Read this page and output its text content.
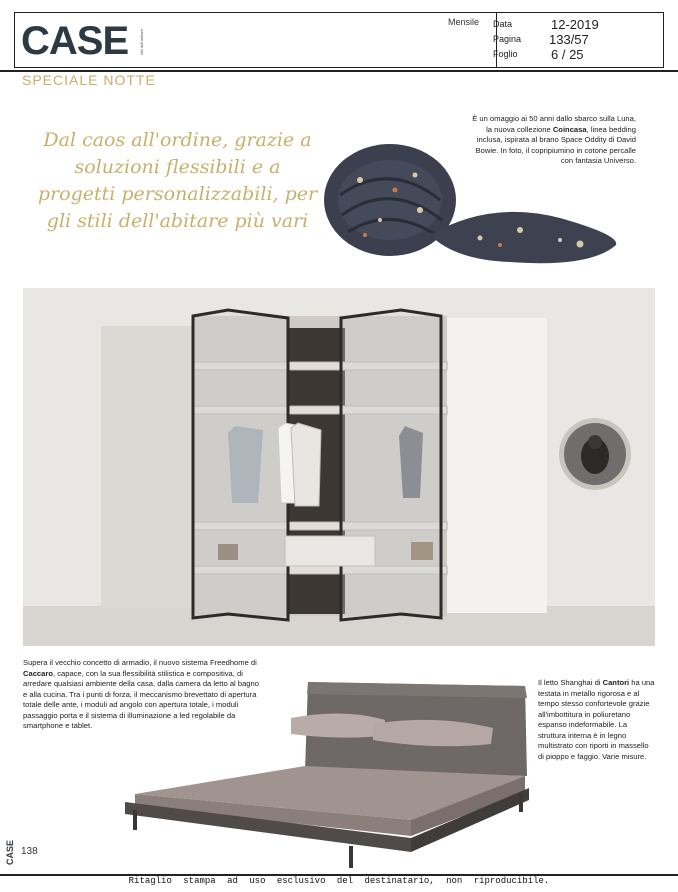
CASE	stili dell'abitare
Mensile Data	12-2019
Pagina	133/57
Foglio	6 / 25
SPECIALE NOTTE
Dal caos all'ordine, grazie a soluzioni flessibili e a progetti personalizzabili, per gli stili dell'abitare più vari
È un omaggio ai 50 anni dallo sbarco sulla Luna, la nuova collezione Coincasa, linea bedding inclusa, ispirata al brano Space Oddity di David Bowie. In foto, il copripiumino in cotone percalle con fantasia Universo.
Supera il vecchio concetto di armadio, il nuovo sistema Freedhome di Caccaro, capace, con la sua flessibilità stilistica e compositiva, di arredare qualsiasi ambiente della casa, dalla camera da letto al bagno e alla cucina. Tra i punti di forza, il meccanismo brevettato di apertura totale delle ante, i moduli ad angolo con apertura totale, i moduli passaggio porta e il sistema di illuminazione a led regolabile da smartphone e tablet.
Il letto Shanghai di Cantori ha una testata in metallo rigorosa e al tempo stesso confortevole grazie all'imbottitura in poliuretano espanso indeformabile. La struttura interna è in legno multistrato con riporti in massello di pioppo e faggio. Varie misure.
CASE 138
Ritaglio stampa ad uso esclusivo del destinatario, non riproducibile.
